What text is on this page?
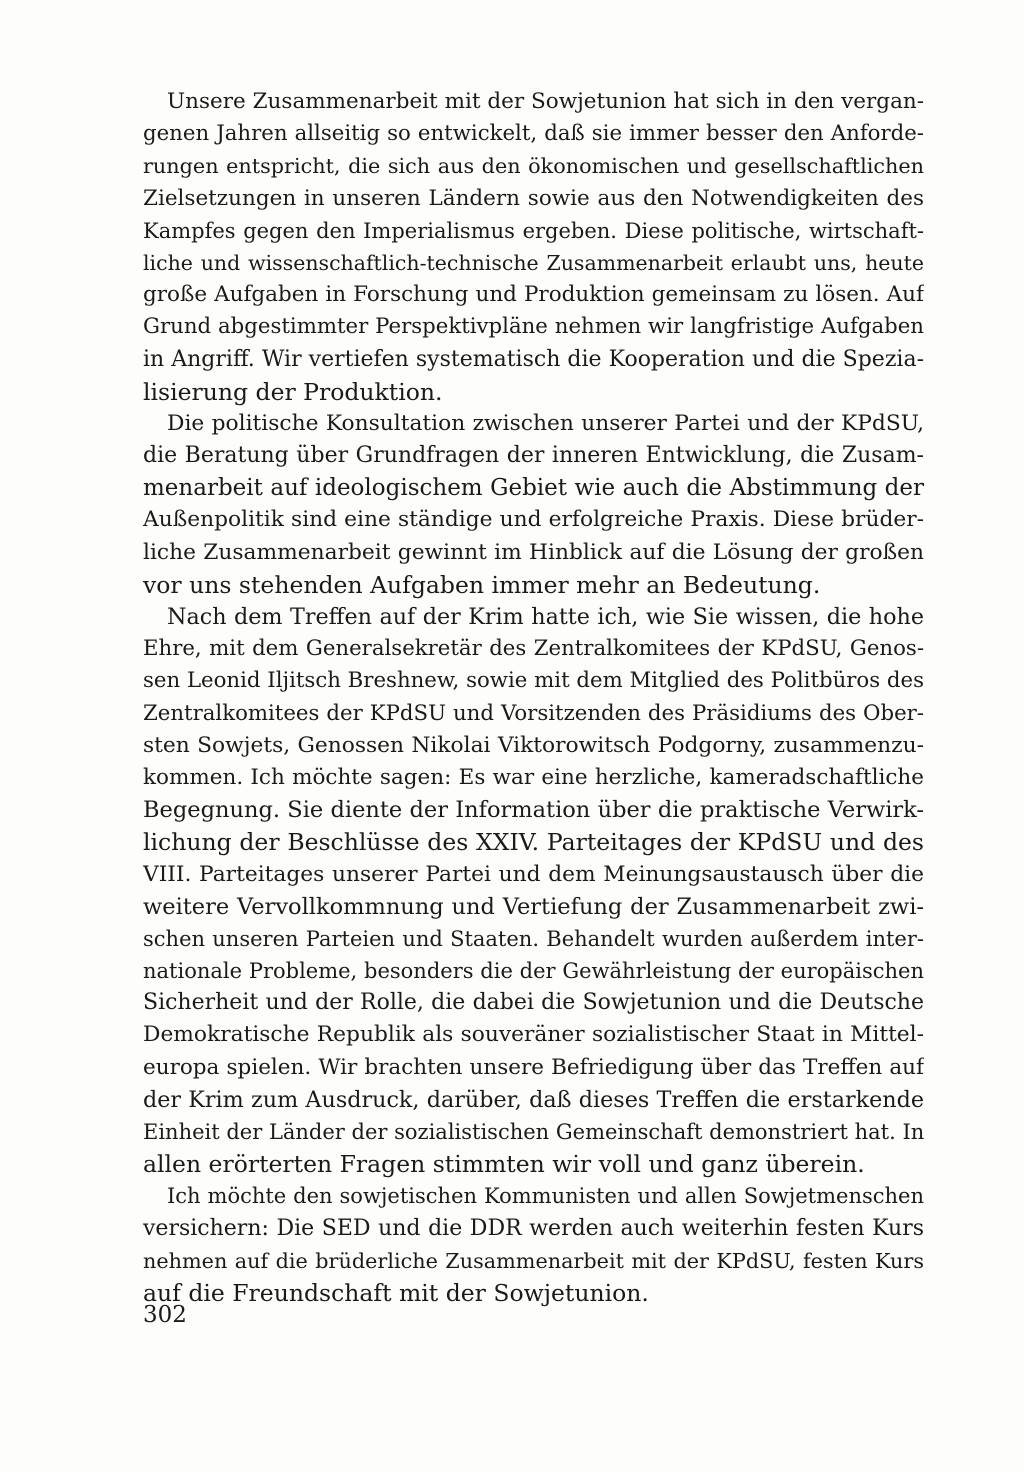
Unsere Zusammenarbeit mit der Sowjetunion hat sich in den vergan-
genen Jahren allseitig so entwickelt, daß sie immer besser den Anforde-
rungen entspricht, die sich aus den ökonomischen und gesellschaftlichen
Zielsetzungen in unseren Ländern sowie aus den Notwendigkeiten des
Kampfes gegen den Imperialismus ergeben. Diese politische, wirtschaft-
liche und wissenschaftlich-technische Zusammenarbeit erlaubt uns, heute
große Aufgaben in Forschung und Produktion gemeinsam zu lösen. Auf
Grund abgestimmter Perspektivpläne nehmen wir langfristige Aufgaben
in Angriff. Wir vertiefen systematisch die Kooperation und die Spezia-
lisierung der Produktion.
Die politische Konsultation zwischen unserer Partei und der KPdSU,
die Beratung über Grundfragen der inneren Entwicklung, die Zusam-
menarbeit auf ideologischem Gebiet wie auch die Abstimmung der
Außenpolitik sind eine ständige und erfolgreiche Praxis. Diese brüder-
liche Zusammenarbeit gewinnt im Hinblick auf die Lösung der großen
vor uns stehenden Aufgaben immer mehr an Bedeutung.
Nach dem Treffen auf der Krim hatte ich, wie Sie wissen, die hohe
Ehre, mit dem Generalsekretär des Zentralkomitees der KPdSU, Genos-
sen Leonid Iljitsch Breshnew, sowie mit dem Mitglied des Politbüros des
Zentralkomitees der KPdSU und Vorsitzenden des Präsidiums des Ober-
sten Sowjets, Genossen Nikolai Viktorowitsch Podgorny, zusammenzu-
kommen. Ich möchte sagen: Es war eine herzliche, kameradschaftliche
Begegnung. Sie diente der Information über die praktische Verwirk-
lichung der Beschlüsse des XXIV. Parteitages der KPdSU und des
VIII. Parteitages unserer Partei und dem Meinungsaustausch über die
weitere Vervollkommnung und Vertiefung der Zusammenarbeit zwi-
schen unseren Parteien und Staaten. Behandelt wurden außerdem inter-
nationale Probleme, besonders die der Gewährleistung der europäischen
Sicherheit und der Rolle, die dabei die Sowjetunion und die Deutsche
Demokratische Republik als souveräner sozialistischer Staat in Mittel-
europa spielen. Wir brachten unsere Befriedigung über das Treffen auf
der Krim zum Ausdruck, darüber, daß dieses Treffen die erstarkende
Einheit der Länder der sozialistischen Gemeinschaft demonstriert hat. In
allen erörterten Fragen stimmten wir voll und ganz überein.
Ich möchte den sowjetischen Kommunisten und allen Sowjetmenschen
versichern: Die SED und die DDR werden auch weiterhin festen Kurs
nehmen auf die brüderliche Zusammenarbeit mit der KPdSU, festen Kurs
auf die Freundschaft mit der Sowjetunion.
302
